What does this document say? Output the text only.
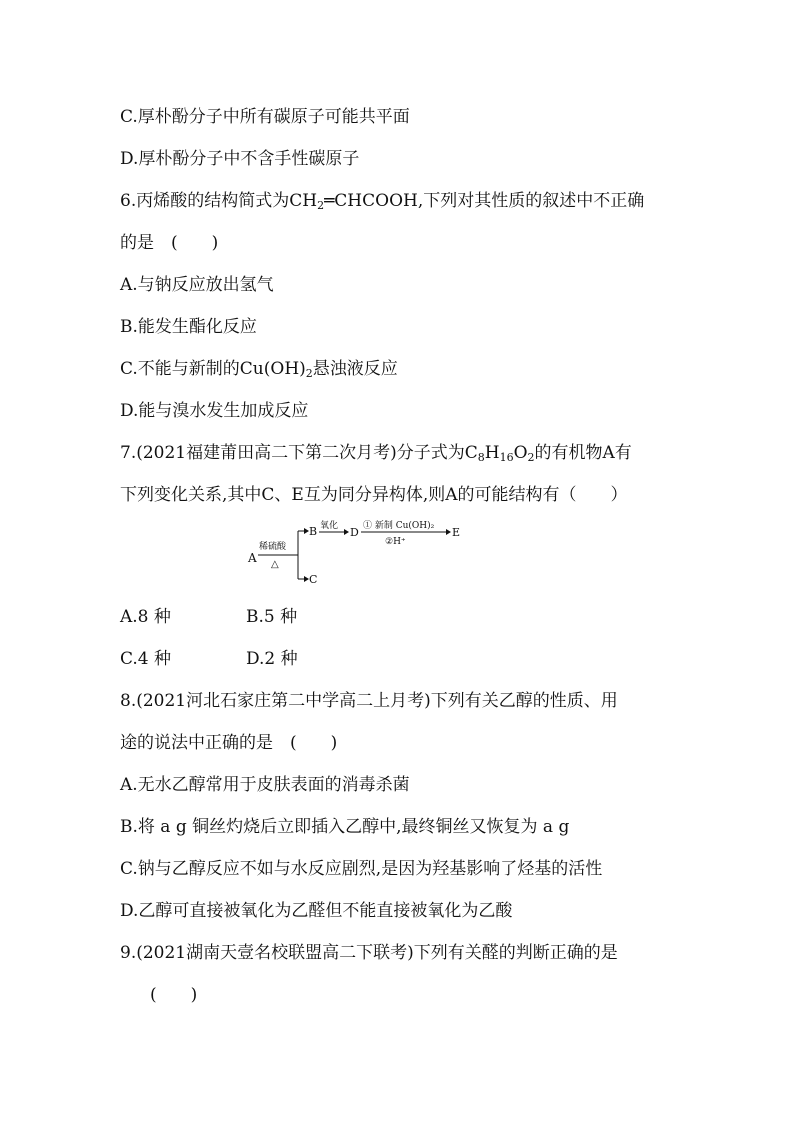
C.厚朴酚分子中所有碳原子可能共平面
D.厚朴酚分子中不含手性碳原子
6.丙烯酸的结构简式为$CH_2═CHCOOH$,下列对其性质的叙述中不正确
的是　(　　)
A.与钠反应放出氢气
B.能发生酯化反应
C.不能与新制的$Cu(OH)_2$悬浊液反应
D.能与溴水发生加成反应
7.(2021福建莆田高二下第二次月考)分子式为$C_8H_{16}O_2$的有机物A有
下列变化关系,其中C、E互为同分异构体,则A的可能结构有（　　）
A
稀硫酸
△
B 氧化 D ① 新制 Cu(OH)₂
②H⁺
E
C
A.8 种	B.5 种
C.4 种	D.2 种
8.(2021河北石家庄第二中学高二上月考)下列有关乙醇的性质、用
途的说法中正确的是　(　　)
A.无水乙醇常用于皮肤表面的消毒杀菌
B.将 a g 铜丝灼烧后立即插入乙醇中,最终铜丝又恢复为 a g
C.钠与乙醇反应不如与水反应剧烈,是因为羟基影响了烃基的活性
D.乙醇可直接被氧化为乙醛但不能直接被氧化为乙酸
9.(2021湖南天壹名校联盟高二下联考)下列有关醛的判断正确的是
(　　)
